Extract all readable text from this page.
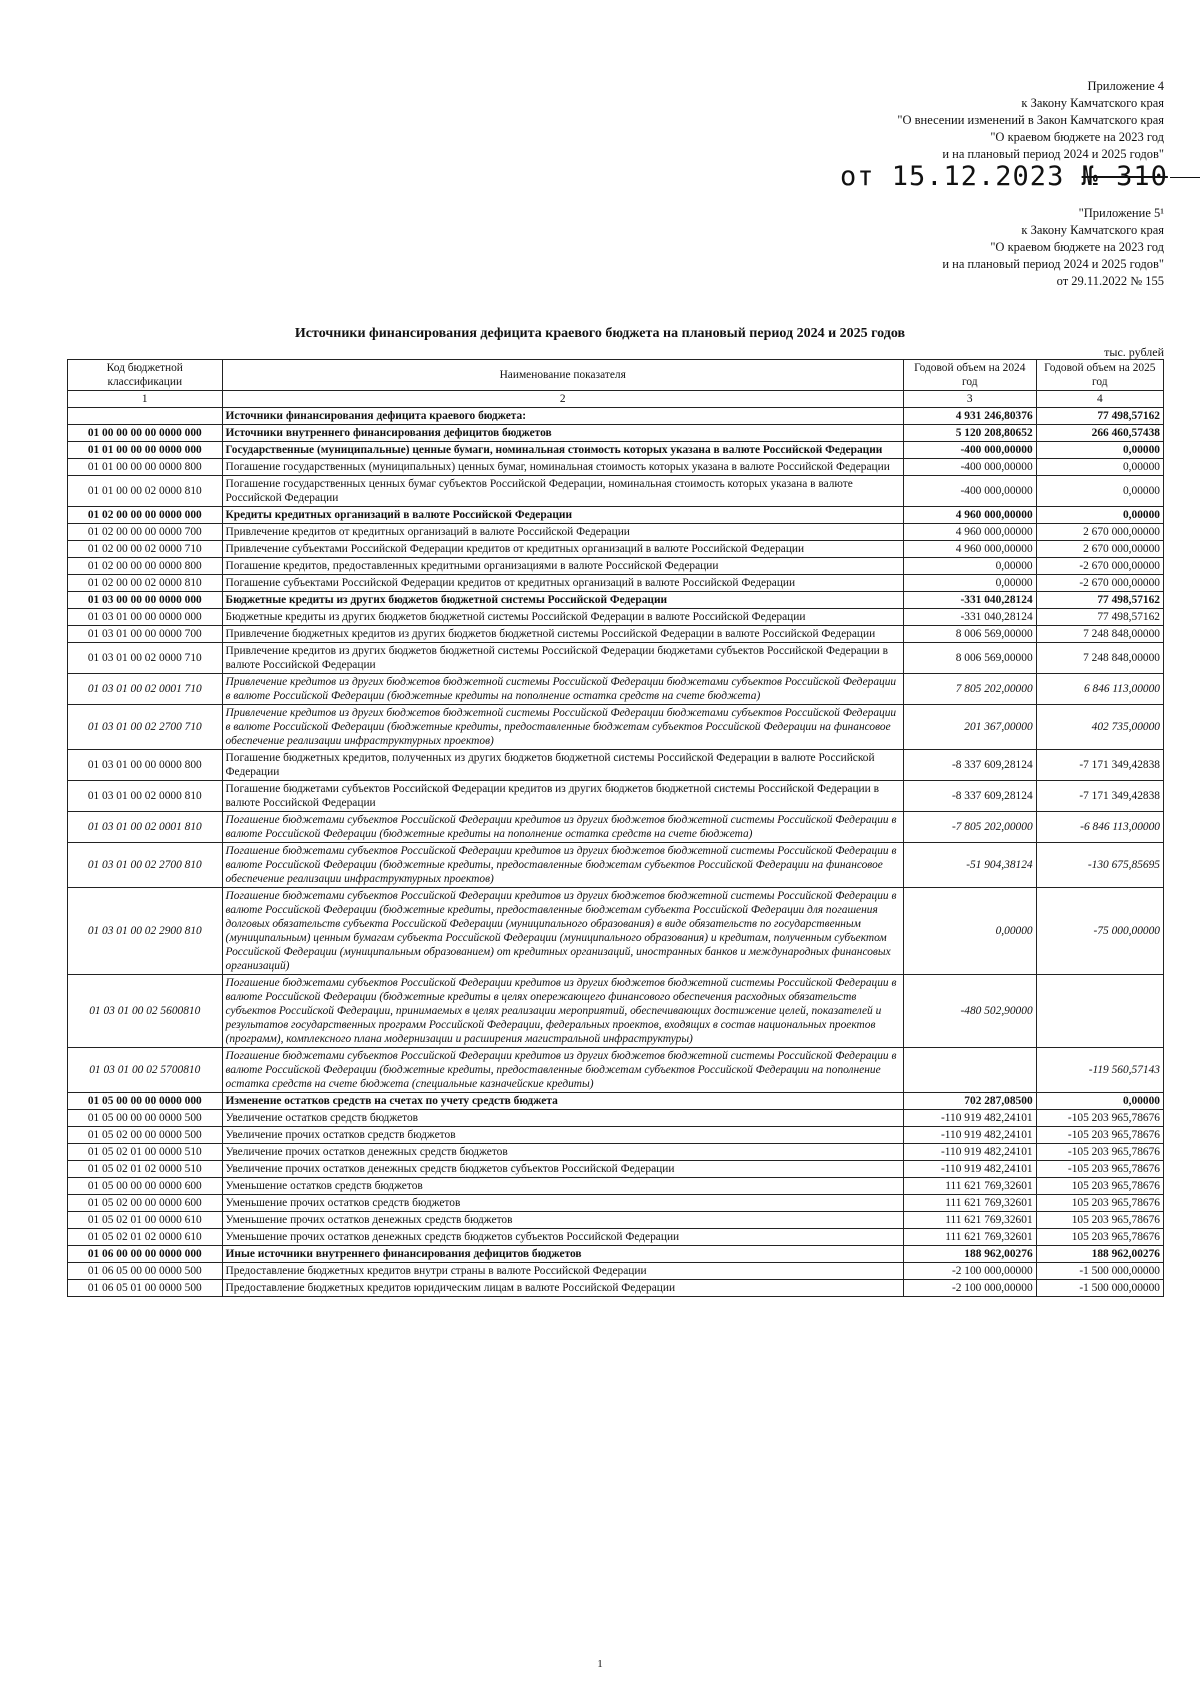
Приложение 4
к Закону Камчатского края
"О внесении изменений в Закон Камчатского края
"О краевом бюджете на 2023 год
и на плановый период 2024 и 2025 годов"
от 15.12.2023 № 310
"Приложение 5¹
к Закону Камчатского края
"О краевом бюджете на 2023 год
и на плановый период 2024 и 2025 годов"
от 29.11.2022 № 155
Источники финансирования дефицита краевого бюджета на плановый период 2024 и 2025 годов
тыс. рублей
Код бюджетной классификации	Наименование показателя	Годовой объем на 2024 год	Годовой объем на 2025 год
1	2	3	4
	Источники финансирования дефицита краевого бюджета:	4 931 246,80376	77 498,57162
01 00 00 00 00 0000 000	Источники внутреннего финансирования дефицитов бюджетов	5 120 208,80652	266 460,57438
01 01 00 00 00 0000 000	Государственные (муниципальные) ценные бумаги, номинальная стоимость которых указана в валюте Российской Федерации	-400 000,00000	0,00000
01 01 00 00 00 0000 800	Погашение государственных (муниципальных) ценных бумаг, номинальная стоимость которых указана в валюте Российской Федерации	-400 000,00000	0,00000
01 01 00 00 02 0000 810	Погашение государственных ценных бумаг субъектов Российской Федерации, номинальная стоимость которых указана в валюте Российской Федерации	-400 000,00000	0,00000
01 02 00 00 00 0000 000	Кредиты кредитных организаций в валюте Российской Федерации	4 960 000,00000	0,00000
01 02 00 00 00 0000 700	Привлечение кредитов от кредитных организаций в валюте Российской Федерации	4 960 000,00000	2 670 000,00000
01 02 00 00 02 0000 710	Привлечение субъектами Российской Федерации кредитов от кредитных организаций в валюте Российской Федерации	4 960 000,00000	2 670 000,00000
01 02 00 00 00 0000 800	Погашение кредитов, предоставленных кредитными организациями в валюте Российской Федерации	0,00000	-2 670 000,00000
01 02 00 00 02 0000 810	Погашение субъектами Российской Федерации кредитов от кредитных организаций в валюте Российской Федерации	0,00000	-2 670 000,00000
01 03 00 00 00 0000 000	Бюджетные кредиты из других бюджетов бюджетной системы Российской Федерации	-331 040,28124	77 498,57162
01 03 01 00 00 0000 000	Бюджетные кредиты из других бюджетов бюджетной системы Российской Федерации в валюте Российской Федерации	-331 040,28124	77 498,57162
01 03 01 00 00 0000 700	Привлечение бюджетных кредитов из других бюджетов бюджетной системы Российской Федерации в валюте Российской Федерации	8 006 569,00000	7 248 848,00000
01 03 01 00 02 0000 710	Привлечение кредитов из других бюджетов бюджетной системы Российской Федерации бюджетами субъектов Российской Федерации в валюте Российской Федерации	8 006 569,00000	7 248 848,00000
01 03 01 00 02 0001 710	Привлечение кредитов из других бюджетов бюджетной системы Российской Федерации бюджетами субъектов Российской Федерации в валюте Российской Федерации (бюджетные кредиты на пополнение остатка средств на счете бюджета)	7 805 202,00000	6 846 113,00000
01 03 01 00 02 2700 710	Привлечение кредитов из других бюджетов бюджетной системы Российской Федерации бюджетами субъектов Российской Федерации в валюте Российской Федерации (бюджетные кредиты, предоставленные бюджетам субъектов Российской Федерации на финансовое обеспечение реализации инфраструктурных проектов)	201 367,00000	402 735,00000
01 03 01 00 00 0000 800	Погашение бюджетных кредитов, полученных из других бюджетов бюджетной системы Российской Федерации в валюте Российской Федерации	-8 337 609,28124	-7 171 349,42838
01 03 01 00 02 0000 810	Погашение бюджетами субъектов Российской Федерации кредитов из других бюджетов бюджетной системы Российской Федерации в валюте Российской Федерации	-8 337 609,28124	-7 171 349,42838
01 03 01 00 02 0001 810	Погашение бюджетами субъектов Российской Федерации кредитов из других бюджетов бюджетной системы Российской Федерации в валюте Российской Федерации (бюджетные кредиты на пополнение остатка средств на счете бюджета)	-7 805 202,00000	-6 846 113,00000
01 03 01 00 02 2700 810	Погашение бюджетами субъектов Российской Федерации кредитов из других бюджетов бюджетной системы Российской Федерации в валюте Российской Федерации (бюджетные кредиты, предоставленные бюджетам субъектов Российской Федерации на финансовое обеспечение реализации инфраструктурных проектов)	-51 904,38124	-130 675,85695
01 03 01 00 02 2900 810	Погашение бюджетами субъектов Российской Федерации кредитов из других бюджетов бюджетной системы Российской Федерации в валюте Российской Федерации (бюджетные кредиты, предоставленные бюджетам субъекта Российской Федерации для погашения долговых обязательств субъекта Российской Федерации (муниципального образования) в виде обязательств по государственным (муниципальным) ценным бумагам субъекта Российской Федерации (муниципального образования) и кредитам, полученным субъектом Российской Федерации (муниципальным образованием) от кредитных организаций, иностранных банков и международных финансовых организаций)	0,00000	-75 000,00000
01 03 01 00 02 5600810	Погашение бюджетами субъектов Российской Федерации кредитов из других бюджетов бюджетной системы Российской Федерации в валюте Российской Федерации (бюджетные кредиты в целях опережающего финансового обеспечения расходных обязательств субъектов Российской Федерации, принимаемых в целях реализации мероприятий, обеспечивающих достижение целей, показателей и результатов государственных программ Российской Федерации, федеральных проектов, входящих в состав национальных проектов (программ), комплексного плана модернизации и расширения магистральной инфраструктуры)	-480 502,90000	
01 03 01 00 02 5700810	Погашение бюджетами субъектов Российской Федерации кредитов из других бюджетов бюджетной системы Российской Федерации в валюте Российской Федерации (бюджетные кредиты, предоставленные бюджетам субъектов Российской Федерации на пополнение остатка средств на счете бюджета (специальные казначейские кредиты)		-119 560,57143
01 05 00 00 00 0000 000	Изменение остатков средств на счетах по учету средств бюджета	702 287,08500	0,00000
01 05 00 00 00 0000 500	Увеличение остатков средств бюджетов	-110 919 482,24101	-105 203 965,78676
01 05 02 00 00 0000 500	Увеличение прочих остатков средств бюджетов	-110 919 482,24101	-105 203 965,78676
01 05 02 01 00 0000 510	Увеличение прочих остатков денежных средств бюджетов	-110 919 482,24101	-105 203 965,78676
01 05 02 01 02 0000 510	Увеличение прочих остатков денежных средств бюджетов субъектов Российской Федерации	-110 919 482,24101	-105 203 965,78676
01 05 00 00 00 0000 600	Уменьшение остатков средств бюджетов	111 621 769,32601	105 203 965,78676
01 05 02 00 00 0000 600	Уменьшение прочих остатков средств бюджетов	111 621 769,32601	105 203 965,78676
01 05 02 01 00 0000 610	Уменьшение прочих остатков денежных средств бюджетов	111 621 769,32601	105 203 965,78676
01 05 02 01 02 0000 610	Уменьшение прочих остатков денежных средств бюджетов субъектов Российской Федерации	111 621 769,32601	105 203 965,78676
01 06 00 00 00 0000 000	Иные источники внутреннего финансирования дефицитов бюджетов	188 962,00276	188 962,00276
01 06 05 00 00 0000 500	Предоставление бюджетных кредитов внутри страны в валюте Российской Федерации	-2 100 000,00000	-1 500 000,00000
01 06 05 01 00 0000 500	Предоставление бюджетных кредитов юридическим лицам в валюте Российской Федерации	-2 100 000,00000	-1 500 000,00000
1
